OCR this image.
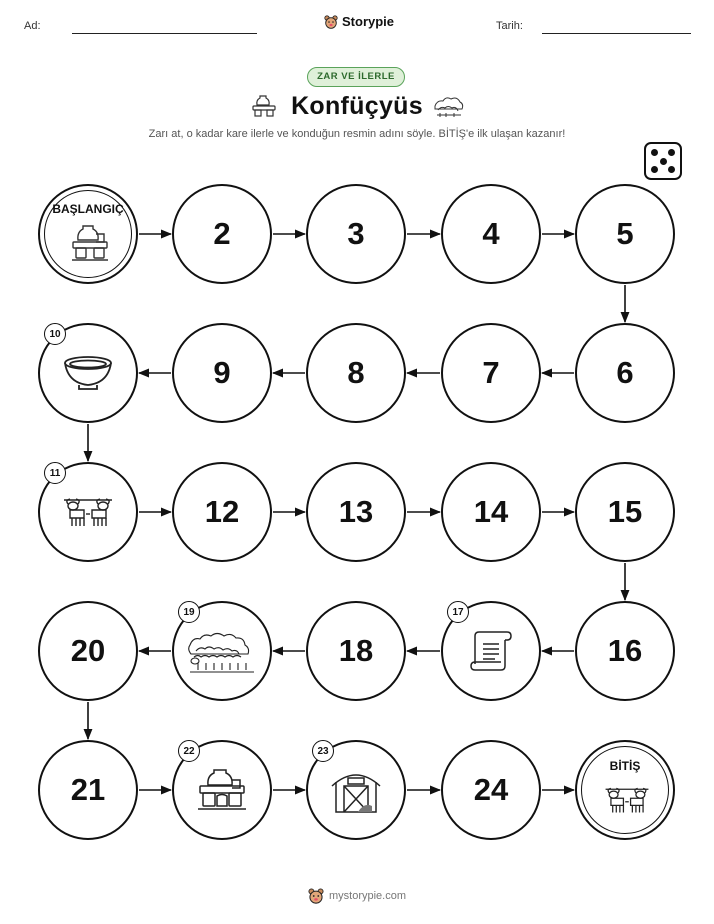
Ad:	Storypie	Tarih:
ZAR VE İLERLE
Konfüçyüs
Zarı at, o kadar kare ilerle ve konduğun resmin adını söyle. BİTİŞ'e ilk ulaşan kazanır!
BAŞLANGIÇ
2	3	4	5
10
9	8	7	6
11
12	13	14	15
20
19
18
17
16
21
22	23
24
BİTİŞ
mystorypie.com
